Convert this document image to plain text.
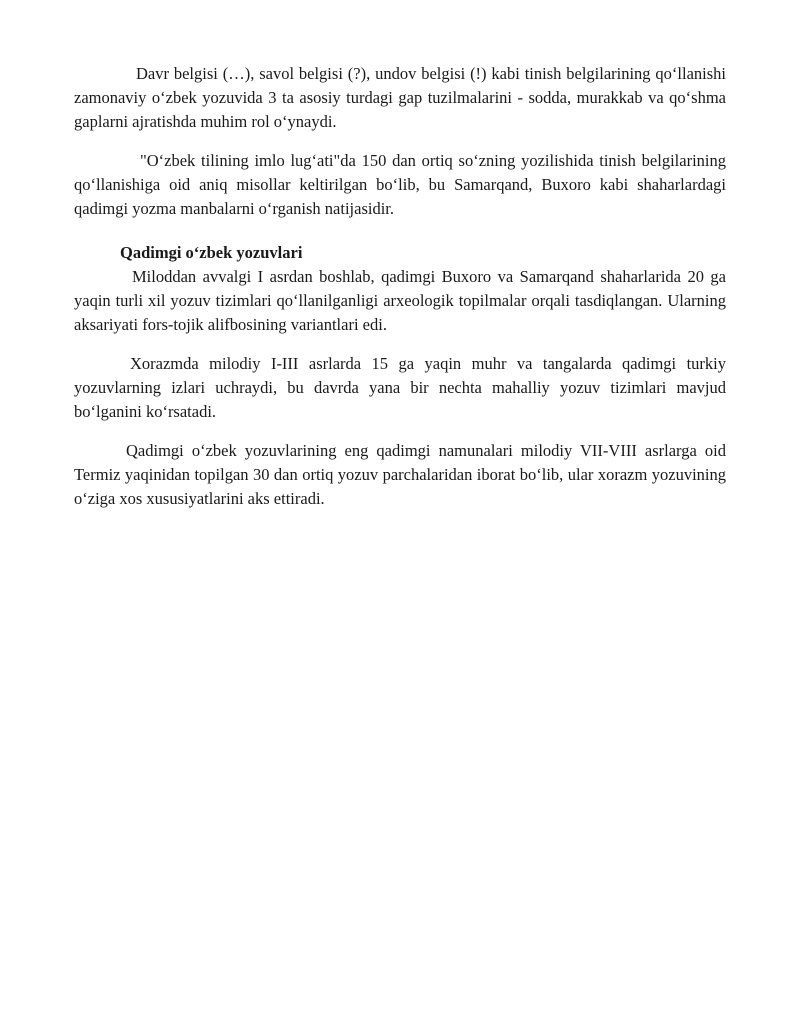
Davr belgisi (…), savol belgisi (?), undov belgisi (!) kabi tinish belgilarining qo‘llanishi zamonaviy o‘zbek yozuvida 3 ta asosiy turdagi gap tuzilmalarini - sodda, murakkab va qo‘shma gaplarni ajratishda muhim rol o‘ynaydi.

"O‘zbek tilining imlo lug‘ati"da 150 dan ortiq so‘zning yozilishida tinish belgilarining qo‘llanishiga oid aniq misollar keltirilgan bo‘lib, bu Samarqand, Buxoro kabi shaharlardagi qadimgi yozma manbalarni o‘rganish natijasidir.

Qadimgi o‘zbek yozuvlari

Miloddan avvalgi I asrdan boshlab, qadimgi Buxoro va Samarqand shaharlarida 20 ga yaqin turli xil yozuv tizimlari qo‘llanilganligi arxeologik topilmalar orqali tasdiqlangan. Ularning aksariyati fors-tojik alifbosining variantlari edi.

Xorazmda milodiy I-III asrlarda 15 ga yaqin muhr va tangalarda qadimgi turkiy yozuvlarning izlari uchraydi, bu davrda yana bir nechta mahalliy yozuv tizimlari mavjud bo‘lganini ko‘rsatadi.

Qadimgi o‘zbek yozuvlarining eng qadimgi namunalari milodiy VII-VIII asrlarga oid Termiz yaqinidan topilgan 30 dan ortiq yozuv parchalaridan iborat bo‘lib, ular xorazm yozuvining o‘ziga xos xususiyatlarini aks ettiradi.
